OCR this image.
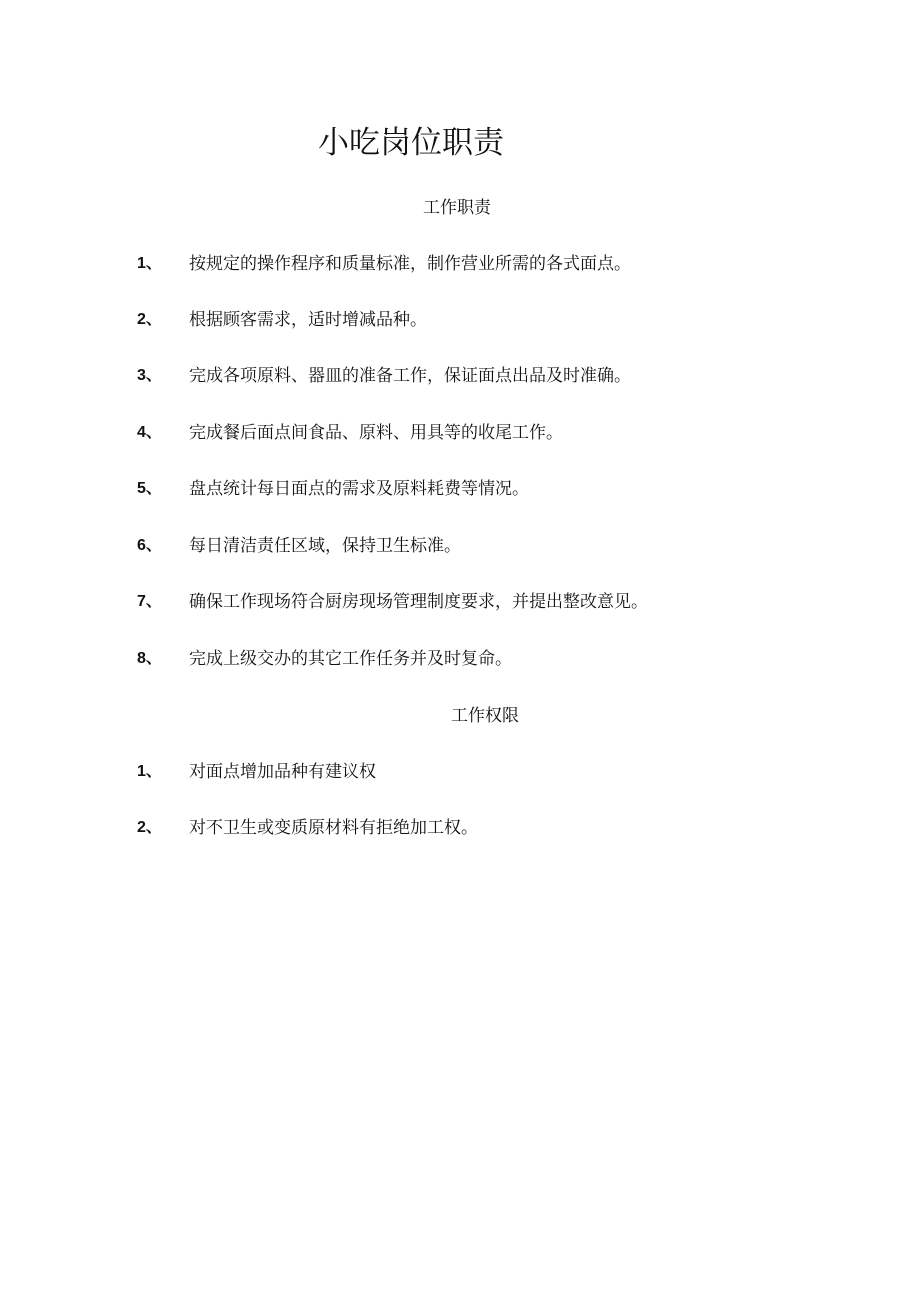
小吃岗位职责
工作职责
1、 按规定的操作程序和质量标准，制作营业所需的各式面点。
2、 根据顾客需求，适时增减品种。
3、 完成各项原料、器皿的准备工作，保证面点出品及时准确。
4、 完成餐后面点间食品、原料、用具等的收尾工作。
5、 盘点统计每日面点的需求及原料耗费等情况。
6、 每日清洁责任区域，保持卫生标准。
7、 确保工作现场符合厨房现场管理制度要求，并提出整改意见。
8、 完成上级交办的其它工作任务并及时复命。
工作权限
1、 对面点增加品种有建议权
2、 对不卫生或变质原材料有拒绝加工权。
